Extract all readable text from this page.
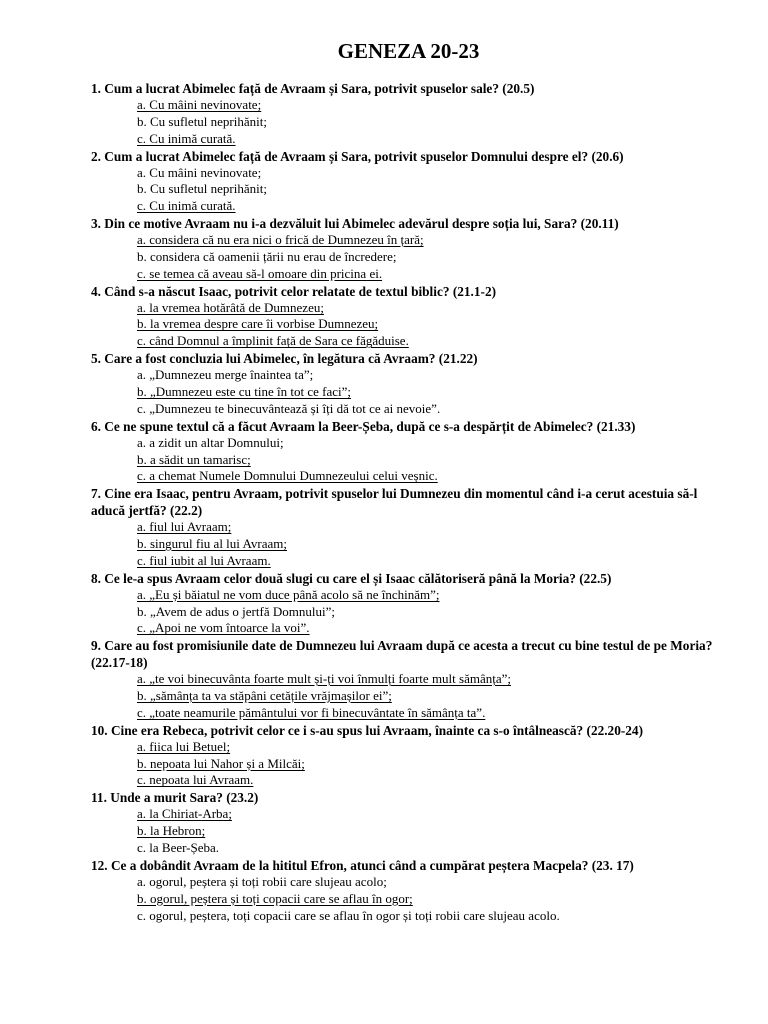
GENEZA 20-23

1. Cum a lucrat Abimelec față de Avraam și Sara, potrivit spuselor sale? (20.5)

a. Cu mâini nevinovate;
b. Cu sufletul neprihănit;
c. Cu inimă curată.

2. Cum a lucrat Abimelec față de Avraam și Sara, potrivit spuselor Domnului despre el? (20.6)

a. Cu mâini nevinovate;
b. Cu sufletul neprihănit;
c. Cu inimă curată.

3. Din ce motive Avraam nu i-a dezvăluit lui Abimelec adevărul despre soția lui, Sara? (20.11)

a. considera că nu era nici o frică de Dumnezeu în țară;
b. considera că oamenii țării nu erau de încredere;
c. se temea că aveau să-l omoare din pricina ei.

4. Când s-a născut Isaac, potrivit celor relatate de textul biblic? (21.1-2)

a. la vremea hotărâtă de Dumnezeu;
b. la vremea despre care îi vorbise Dumnezeu;
c. când Domnul a împlinit față de Sara ce făgăduise.

5. Care a fost concluzia lui Abimelec, în legătura că Avraam? (21.22)

a. „Dumnezeu merge înaintea ta”;
b. „Dumnezeu este cu tine în tot ce faci”;
c. „Dumnezeu te binecuvântează și îți dă tot ce ai nevoie”.

6. Ce ne spune textul că a făcut Avraam la Beer-Șeba, după ce s-a despărțit de Abimelec? (21.33)

a. a zidit un altar Domnului;
b. a sădit un tamarisc;
c. a chemat Numele Domnului Dumnezeului celui veșnic.

7. Cine era Isaac, pentru Avraam, potrivit spuselor lui Dumnezeu din momentul când i-a cerut acestuia să-l aducă jertfă? (22.2)

a. fiul lui Avraam;
b. singurul fiu al lui Avraam;
c. fiul iubit al lui Avraam.

8. Ce le-a spus Avraam celor două slugi cu care el și Isaac călătoriseră până la Moria? (22.5)

a. „Eu și băiatul ne vom duce până acolo să ne închinăm”;
b. „Avem de adus o jertfă Domnului”;
c. „Apoi ne vom întoarce la voi”.

9. Care au fost promisiunile date de Dumnezeu lui Avraam după ce acesta a trecut cu bine testul de pe Moria? (22.17-18)

a. „te voi binecuvânta foarte mult și-ți voi înmulți foarte mult sămânța”;
b. „sămânța ta va stăpâni cetățile vrăjmașilor ei”;
c. „toate neamurile pământului vor fi binecuvântate în sămânța ta”.

10. Cine era Rebeca, potrivit celor ce i s-au spus lui Avraam, înainte ca s-o întâlnească? (22.20-24)

a. fiica lui Betuel;
b. nepoata lui Nahor și a Milcăi;
c. nepoata lui Avraam.

11. Unde a murit Sara? (23.2)

a. la Chiriat-Arba;
b. la Hebron;
c. la Beer-Șeba.

12. Ce a dobândit Avraam de la hititul Efron, atunci când a cumpărat peștera Macpela? (23. 17)

a. ogorul, peștera și toți robii care slujeau acolo;
b. ogorul, peștera și toți copacii care se aflau în ogor;
c. ogorul, peștera, toți copacii care se aflau în ogor și toți robii care slujeau acolo.
